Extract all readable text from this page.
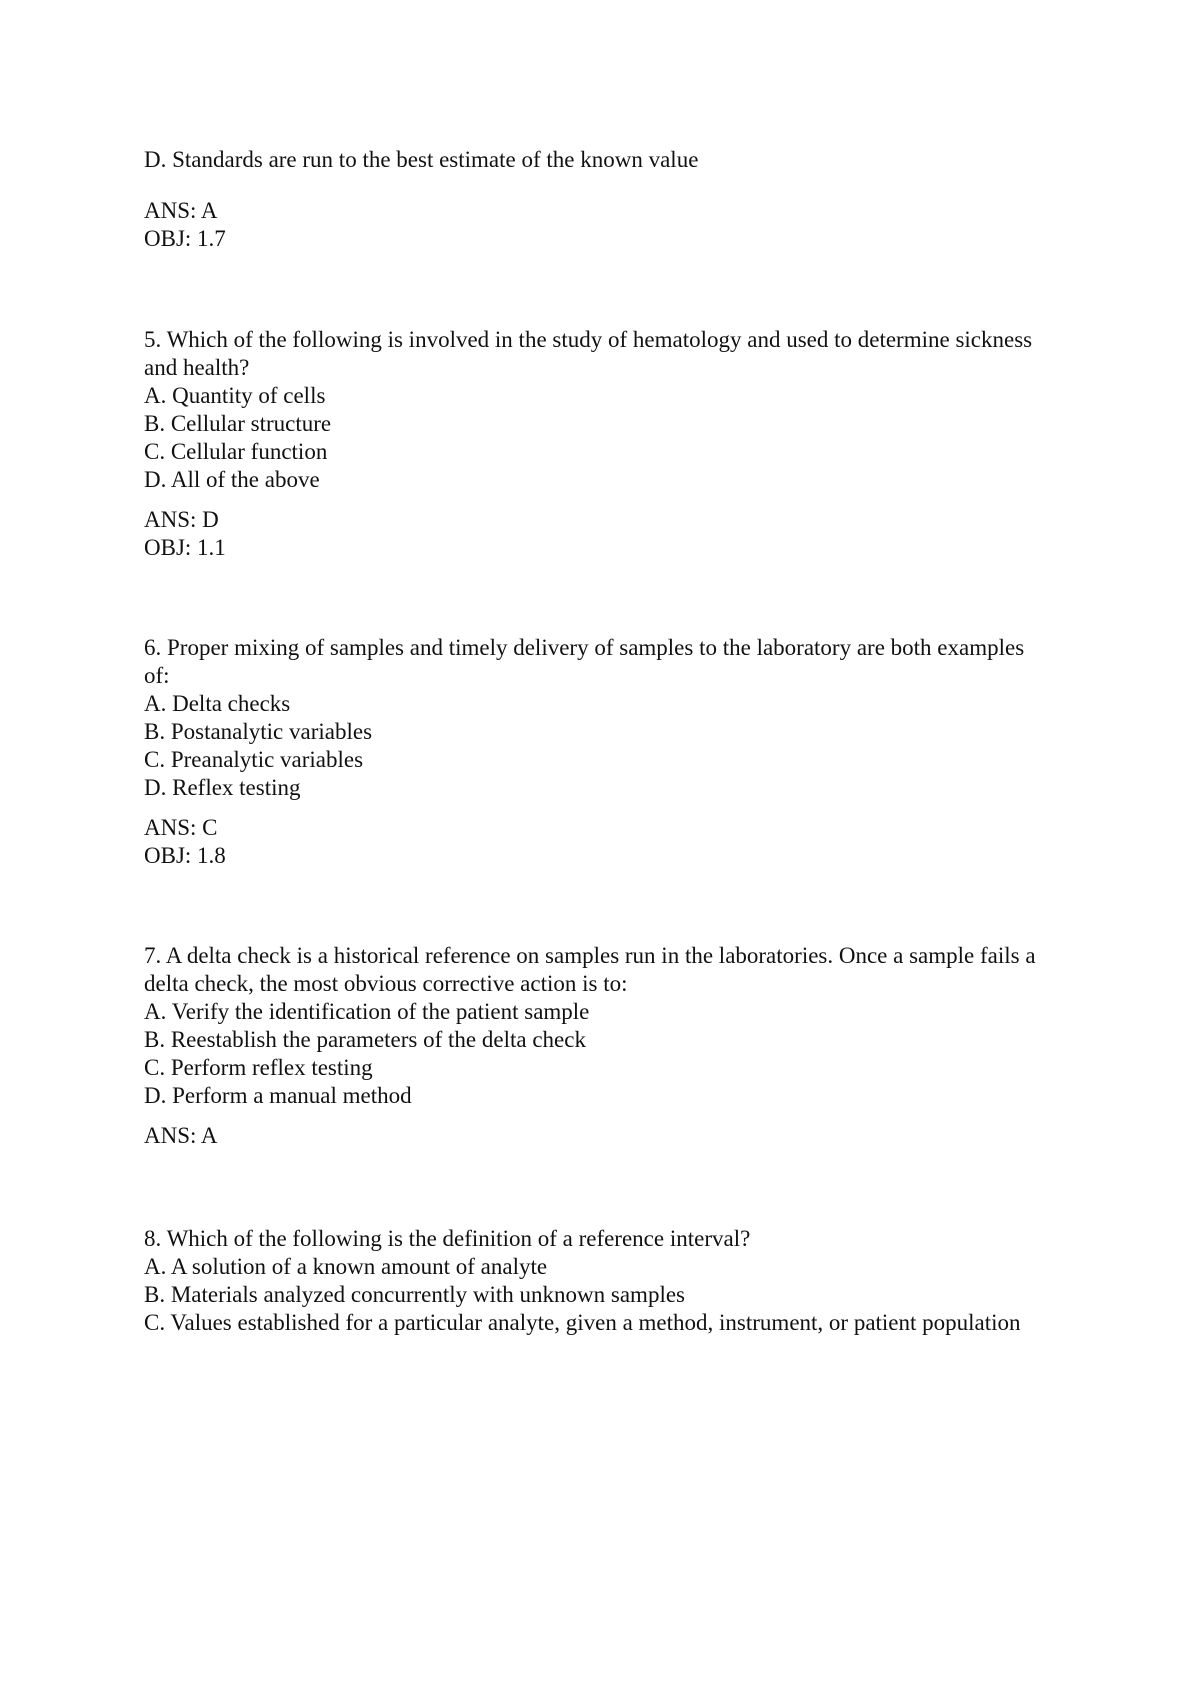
D. Standards are run to the best estimate of the known value
ANS: A
OBJ: 1.7
5. Which of the following is involved in the study of hematology and used to determine sickness
and health?
A. Quantity of cells
B. Cellular structure
C. Cellular function
D. All of the above
ANS: D
OBJ: 1.1
6. Proper mixing of samples and timely delivery of samples to the laboratory are both examples
of:
A. Delta checks
B. Postanalytic variables
C. Preanalytic variables
D. Reflex testing
ANS: C
OBJ: 1.8
7. A delta check is a historical reference on samples run in the laboratories. Once a sample fails a
delta check, the most obvious corrective action is to:
A. Verify the identification of the patient sample
B. Reestablish the parameters of the delta check
C. Perform reflex testing
D. Perform a manual method
ANS: A
8. Which of the following is the definition of a reference interval?
A. A solution of a known amount of analyte
B. Materials analyzed concurrently with unknown samples
C. Values established for a particular analyte, given a method, instrument, or patient population
